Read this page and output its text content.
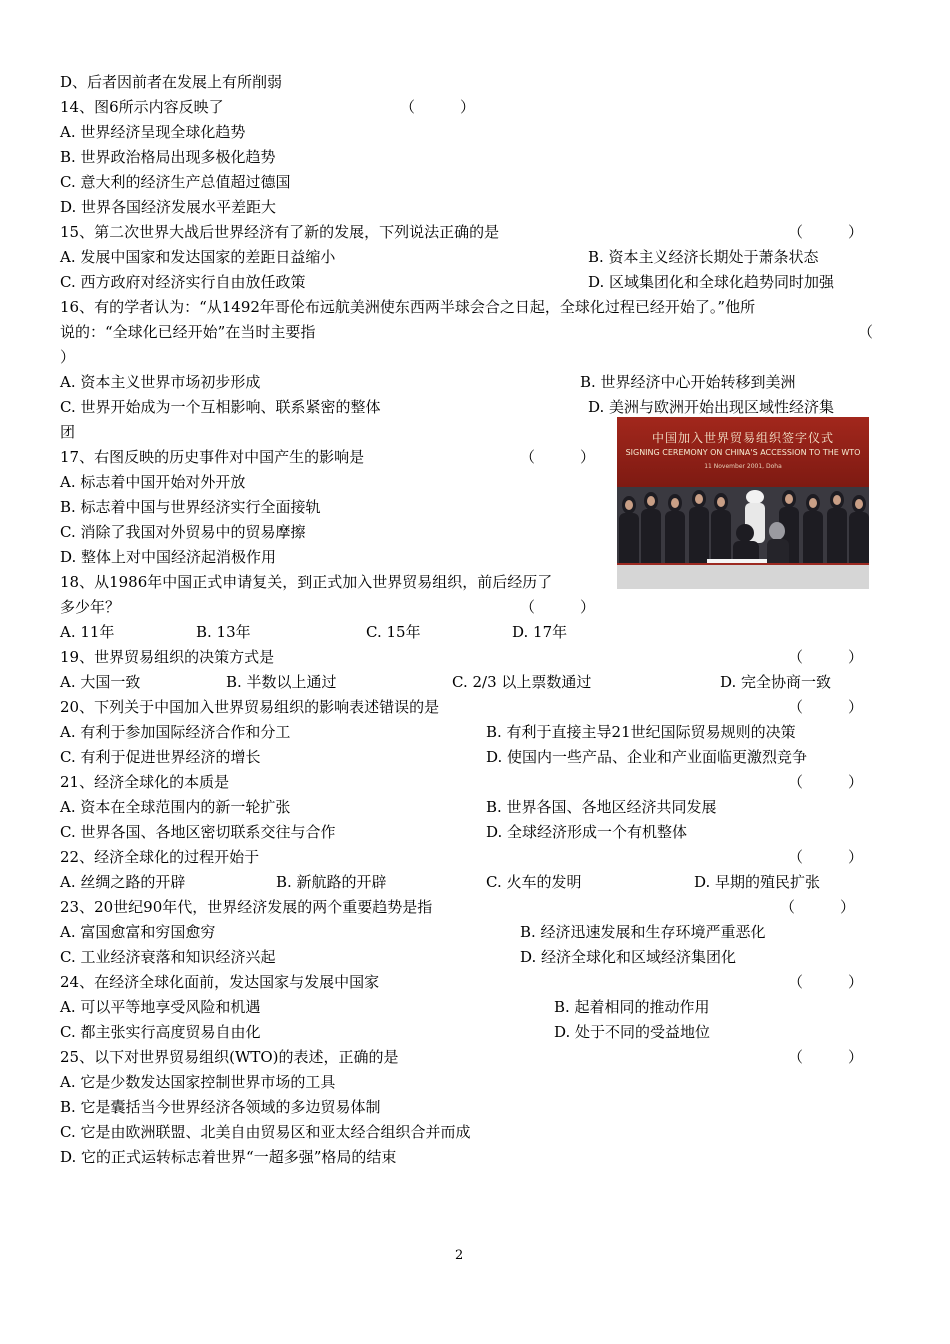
D、后者因前者在发展上有所削弱
14、图6所示内容反映了	（　　　）
A. 世界经济呈现全球化趋势
B. 世界政治格局出现多极化趋势
C. 意大利的经济生产总值超过德国
D. 世界各国经济发展水平差距大
15、第二次世界大战后世界经济有了新的发展，下列说法正确的是	（　　　）
A. 发展中国家和发达国家的差距日益缩小	B. 资本主义经济长期处于萧条状态
C. 西方政府对经济实行自由放任政策	D. 区域集团化和全球化趋势同时加强
16、有的学者认为：“从1492年哥伦布远航美洲使东西两半球会合之日起，全球化过程已经开始了。”他所
说的：“全球化已经开始”在当时主要指	（
）
A. 资本主义世界市场初步形成	B. 世界经济中心开始转移到美洲
C. 世界开始成为一个互相影响、联系紧密的整体	D. 美洲与欧洲开始出现区域性经济集
团
17、右图反映的历史事件对中国产生的影响是	（　　　）
A. 标志着中国开始对外开放
B. 标志着中国与世界经济实行全面接轨
C. 消除了我国对外贸易中的贸易摩擦
D. 整体上对中国经济起消极作用
18、从1986年中国正式申请复关，到正式加入世界贸易组织，前后经历了
多少年？	（　　　）
A. 11年	B. 13年	C. 15年	D. 17年
19、世界贸易组织的决策方式是	（　　　）
A. 大国一致	B. 半数以上通过	C. 2/3 以上票数通过	D. 完全协商一致
20、下列关于中国加入世界贸易组织的影响表述错误的是	（　　　）
A. 有利于参加国际经济合作和分工	B. 有利于直接主导21世纪国际贸易规则的决策
C. 有利于促进世界经济的增长	D. 使国内一些产品、企业和产业面临更激烈竞争
21、经济全球化的本质是	（　　　）
A. 资本在全球范围内的新一轮扩张	B. 世界各国、各地区经济共同发展
C. 世界各国、各地区密切联系交往与合作	D. 全球经济形成一个有机整体
22、经济全球化的过程开始于	（　　　）
A. 丝绸之路的开辟	B. 新航路的开辟	C. 火车的发明	D. 早期的殖民扩张
23、20世纪90年代，世界经济发展的两个重要趋势是指	（　　　）
A. 富国愈富和穷国愈穷	B. 经济迅速发展和生存环境严重恶化
C. 工业经济衰落和知识经济兴起	D. 经济全球化和区域经济集团化
24、在经济全球化面前，发达国家与发展中国家	（　　　）
A. 可以平等地享受风险和机遇	B. 起着相同的推动作用
C. 都主张实行高度贸易自由化	D. 处于不同的受益地位
25、以下对世界贸易组织(WTO)的表述，正确的是	（　　　）
A. 它是少数发达国家控制世界市场的工具
B. 它是囊括当今世界经济各领域的多边贸易体制
C. 它是由欧洲联盟、北美自由贸易区和亚太经合组织合并而成
D. 它的正式运转标志着世界“一超多强”格局的结束
中国加入世界贸易组织签字仪式
SIGNING CEREMONY ON CHINA'S ACCESSION TO THE WTO
11 November 2001, Doha
2
